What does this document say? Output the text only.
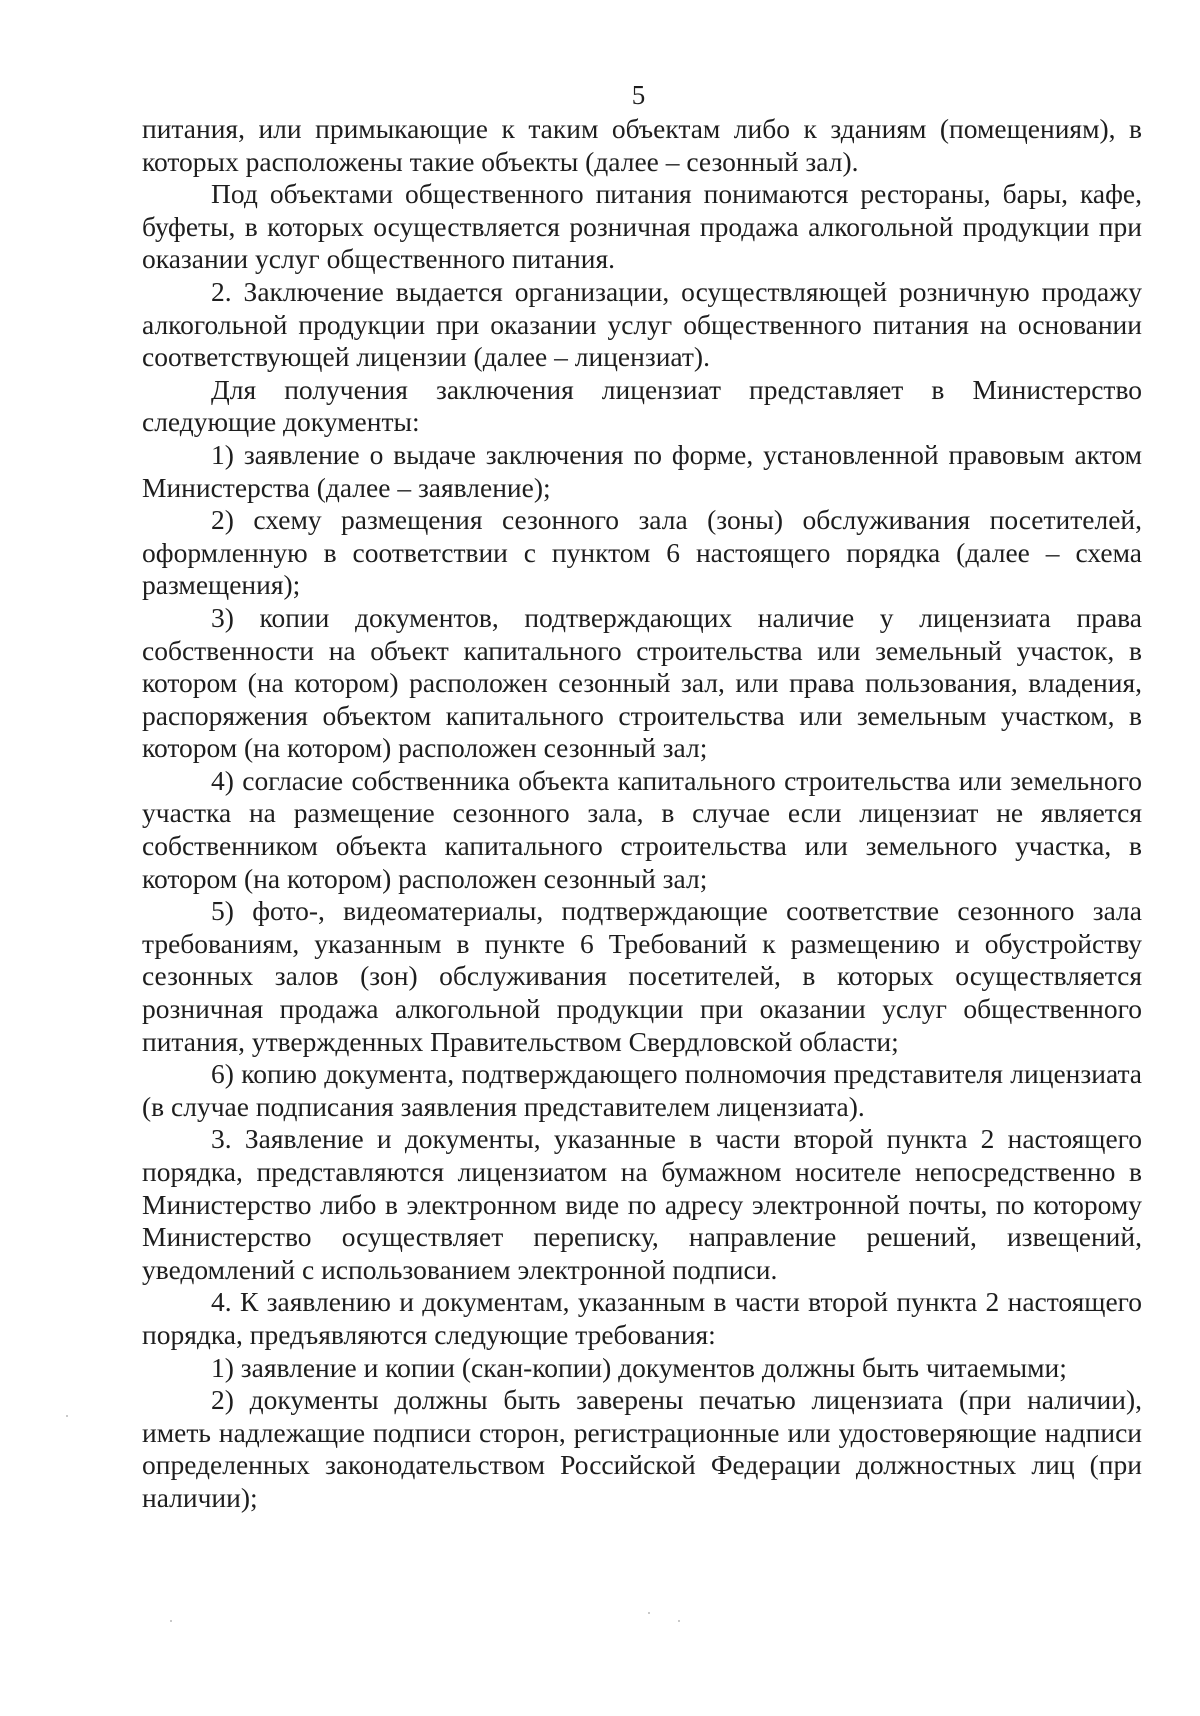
5

питания, или примыкающие к таким объектам либо к зданиям (помещениям), в которых расположены такие объекты (далее – сезонный зал).

Под объектами общественного питания понимаются рестораны, бары, кафе, буфеты, в которых осуществляется розничная продажа алкогольной продукции при оказании услуг общественного питания.

2. Заключение выдается организации, осуществляющей розничную продажу алкогольной продукции при оказании услуг общественного питания на основании соответствующей лицензии (далее – лицензиат).

Для получения заключения лицензиат представляет в Министерство следующие документы:

1) заявление о выдаче заключения по форме, установленной правовым актом Министерства (далее – заявление);

2) схему размещения сезонного зала (зоны) обслуживания посетителей, оформленную в соответствии с пунктом 6 настоящего порядка (далее – схема размещения);

3) копии документов, подтверждающих наличие у лицензиата права собственности на объект капитального строительства или земельный участок, в котором (на котором) расположен сезонный зал, или права пользования, владения, распоряжения объектом капитального строительства или земельным участком, в котором (на котором) расположен сезонный зал;

4) согласие собственника объекта капитального строительства или земельного участка на размещение сезонного зала, в случае если лицензиат не является собственником объекта капитального строительства или земельного участка, в котором (на котором) расположен сезонный зал;

5) фото-, видеоматериалы, подтверждающие соответствие сезонного зала требованиям, указанным в пункте 6 Требований к размещению и обустройству сезонных залов (зон) обслуживания посетителей, в которых осуществляется розничная продажа алкогольной продукции при оказании услуг общественного питания, утвержденных Правительством Свердловской области;

6) копию документа, подтверждающего полномочия представителя лицензиата (в случае подписания заявления представителем лицензиата).

3. Заявление и документы, указанные в части второй пункта 2 настоящего порядка, представляются лицензиатом на бумажном носителе непосредственно в Министерство либо в электронном виде по адресу электронной почты, по которому Министерство осуществляет переписку, направление решений, извещений, уведомлений с использованием электронной подписи.

4. К заявлению и документам, указанным в части второй пункта 2 настоящего порядка, предъявляются следующие требования:

1) заявление и копии (скан-копии) документов должны быть читаемыми;

2) документы должны быть заверены печатью лицензиата (при наличии), иметь надлежащие подписи сторон, регистрационные или удостоверяющие надписи определенных законодательством Российской Федерации должностных лиц (при наличии);
